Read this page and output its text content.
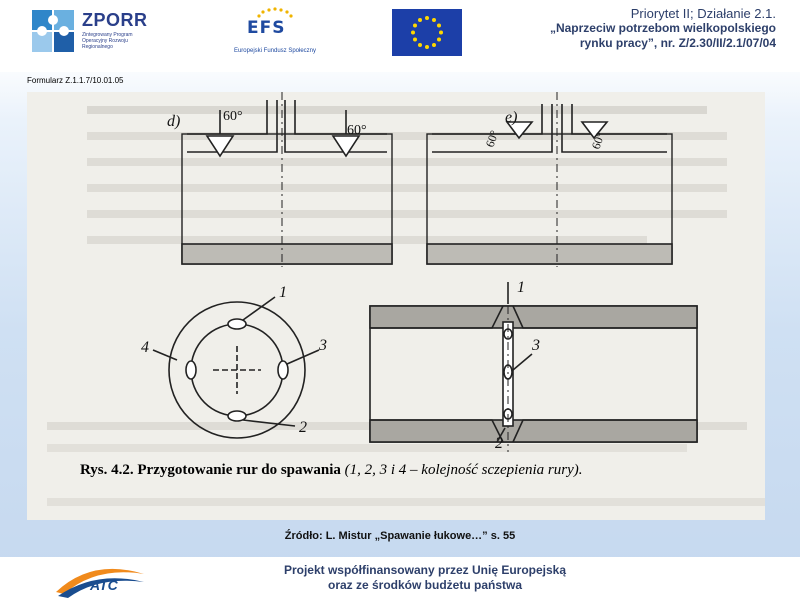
ZPORR
Zintegrowany Program Operacyjny Rozwoju Regionalnego
EFS
Europejski Fundusz Społeczny
Priorytet II; Działanie 2.1.
„Naprzeciw potrzebom wielkopolskiego
rynku pracy”, nr. Z/2.30/II/2.1/07/04
Formularz Z.1.1.7/10.01.05
d)	60°
60°
e)
60°	60°
1
4	3
2
1
3
2
Rys. 4.2. Przygotowanie rur do spawania (1, 2, 3 i 4 – kolejność sczepienia rury).
Źródło: L. Mistur „Spawanie łukowe…” s. 55
ATC
Projekt współfinansowany przez Unię Europejską
oraz ze środków budżetu państwa
